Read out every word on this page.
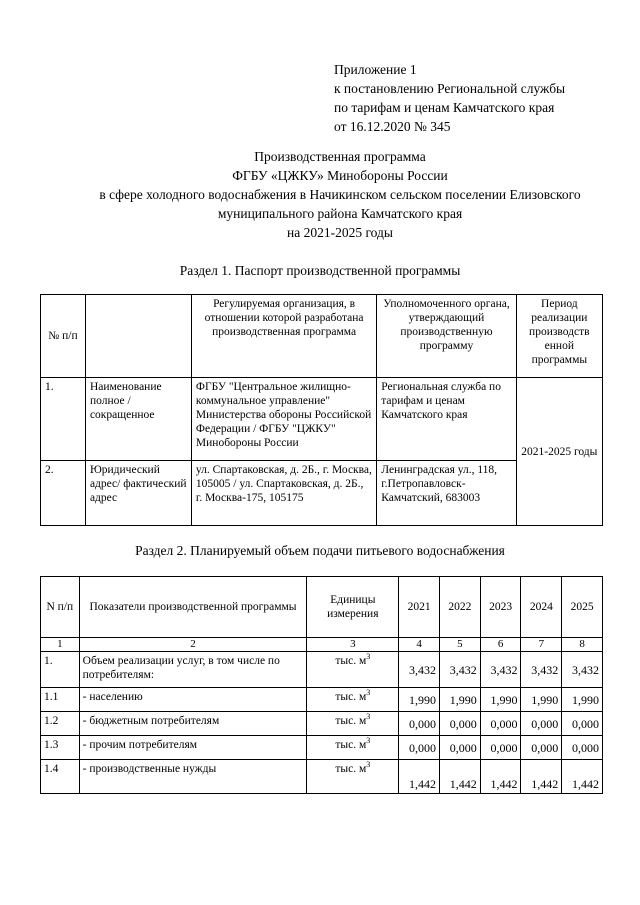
Приложение 1
к постановлению Региональной службы
по тарифам и ценам Камчатского края
от 16.12.2020 № 345
Производственная программа
ФГБУ «ЦЖКУ» Минобороны России
в сфере холодного водоснабжения в Начикинском сельском поселении Елизовского
муниципального района Камчатского края
на 2021-2025 годы
Раздел 1. Паспорт производственной программы
№ п/п		Регулируемая организация, в отношении которой разработана производственная программа	Уполномоченного органа, утверждающий производственную программу	Период реализации производств енной программы
1.	Наименование полное / сокращенное	ФГБУ "Центральное жилищно-коммунальное управление" Министерства обороны Российской Федерации / ФГБУ "ЦЖКУ" Минобороны России	Региональная служба по тарифам и ценам Камчатского края	2021-2025 годы
2.	Юридический адрес/ фактический адрес	ул. Спартаковская, д. 2Б., г. Москва, 105005 / ул. Спартаковская, д. 2Б., г. Москва-175, 105175	Ленинградская ул., 118, г.Петропавловск-Камчатский, 683003	
Раздел 2. Планируемый объем подачи питьевого водоснабжения
N п/п	Показатели производственной программы	Единицы измерения	2021	2022	2023	2024	2025
1	2	3	4	5	6	7	8
1.	Объем реализации услуг, в том числе по потребителям:	тыс. $м^3$	3,432	3,432	3,432	3,432	3,432
1.1	- населению	тыс. $м^3$	1,990	1,990	1,990	1,990	1,990
1.2	- бюджетным потребителям	тыс. $м^3$	0,000	0,000	0,000	0,000	0,000
1.3	- прочим потребителям	тыс. $м^3$	0,000	0,000	0,000	0,000	0,000
1.4	- производственные нужды	тыс. $м^3$	1,442	1,442	1,442	1,442	1,442
